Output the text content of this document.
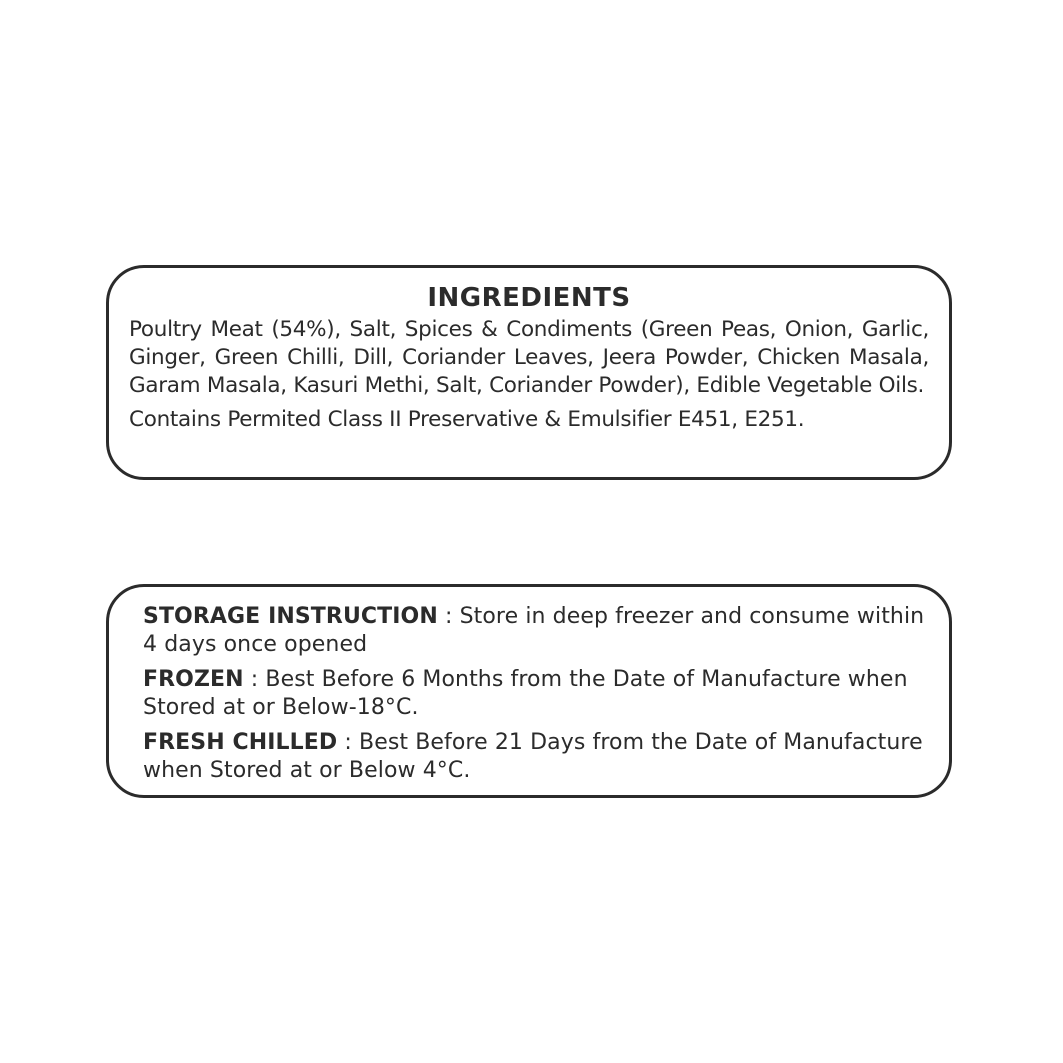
INGREDIENTS

Poultry Meat (54%), Salt, Spices & Condiments (Green Peas, Onion, Garlic, Ginger, Green Chilli, Dill, Coriander Leaves, Jeera Powder, Chicken Masala, Garam Masala, Kasuri Methi, Salt, Coriander Powder), Edible Vegetable Oils.

Contains Permited Class II Preservative & Emulsifier E451, E251.

STORAGE INSTRUCTION : Store in deep freezer and consume within 4 days once opened

FROZEN : Best Before 6 Months from the Date of Manufacture when Stored at or Below-18°C.

FRESH CHILLED : Best Before 21 Days from the Date of Manufacture when Stored at or Below 4°C.
